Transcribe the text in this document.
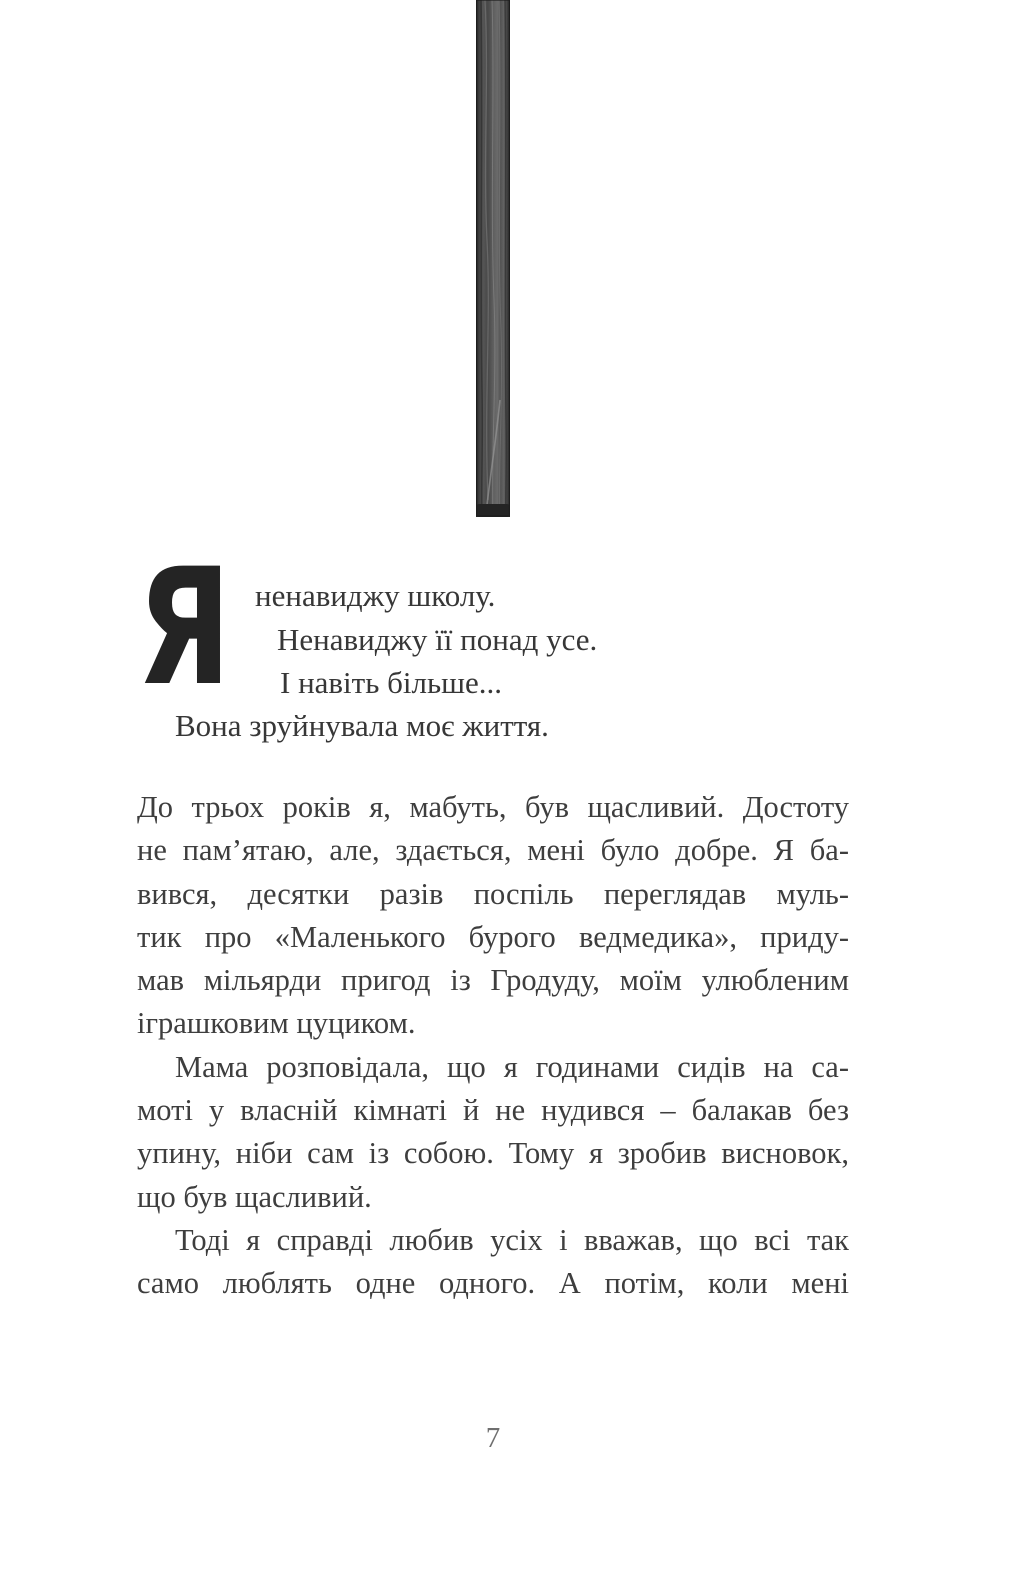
Я ненавиджу школу.
Ненавиджу її понад усе.
І навіть більше...
Вона зруйнувала моє життя.
До трьох років я, мабуть, був щасливий. Достоту
не пам’ятаю, але, здається, мені було добре. Я ба-
вився, десятки разів поспіль переглядав муль-
тик про «Маленького бурого ведмедика», приду-
мав мільярди пригод із Гродуду, моїм улюбленим
іграшковим цуциком.
Мама розповідала, що я годинами сидів на са-
моті у власній кімнаті й не нудився – балакав без
упину, ніби сам із собою. Тому я зробив висновок,
що був щасливий.
Тоді я справді любив усіх і вважав, що всі так
само люблять одне одного. А потім, коли мені
7
